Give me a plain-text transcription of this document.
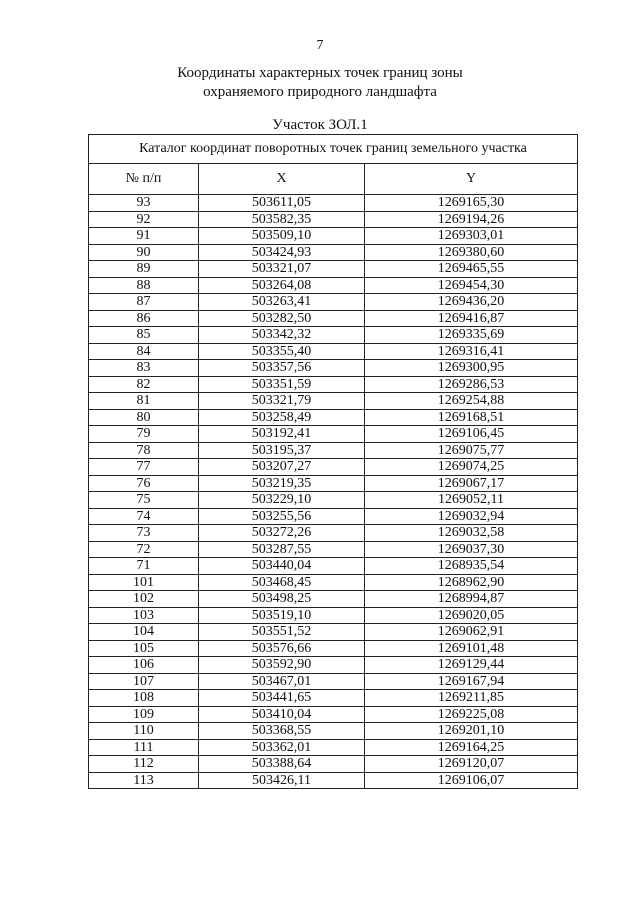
7
Координаты характерных точек границ зоны
охраняемого природного ландшафта
Участок ЗОЛ.1
Каталог координат поворотных точек границ земельного участка		
№ п/п	X	Y
93	503611,05	1269165,30
92	503582,35	1269194,26
91	503509,10	1269303,01
90	503424,93	1269380,60
89	503321,07	1269465,55
88	503264,08	1269454,30
87	503263,41	1269436,20
86	503282,50	1269416,87
85	503342,32	1269335,69
84	503355,40	1269316,41
83	503357,56	1269300,95
82	503351,59	1269286,53
81	503321,79	1269254,88
80	503258,49	1269168,51
79	503192,41	1269106,45
78	503195,37	1269075,77
77	503207,27	1269074,25
76	503219,35	1269067,17
75	503229,10	1269052,11
74	503255,56	1269032,94
73	503272,26	1269032,58
72	503287,55	1269037,30
71	503440,04	1268935,54
101	503468,45	1268962,90
102	503498,25	1268994,87
103	503519,10	1269020,05
104	503551,52	1269062,91
105	503576,66	1269101,48
106	503592,90	1269129,44
107	503467,01	1269167,94
108	503441,65	1269211,85
109	503410,04	1269225,08
110	503368,55	1269201,10
111	503362,01	1269164,25
112	503388,64	1269120,07
113	503426,11	1269106,07
